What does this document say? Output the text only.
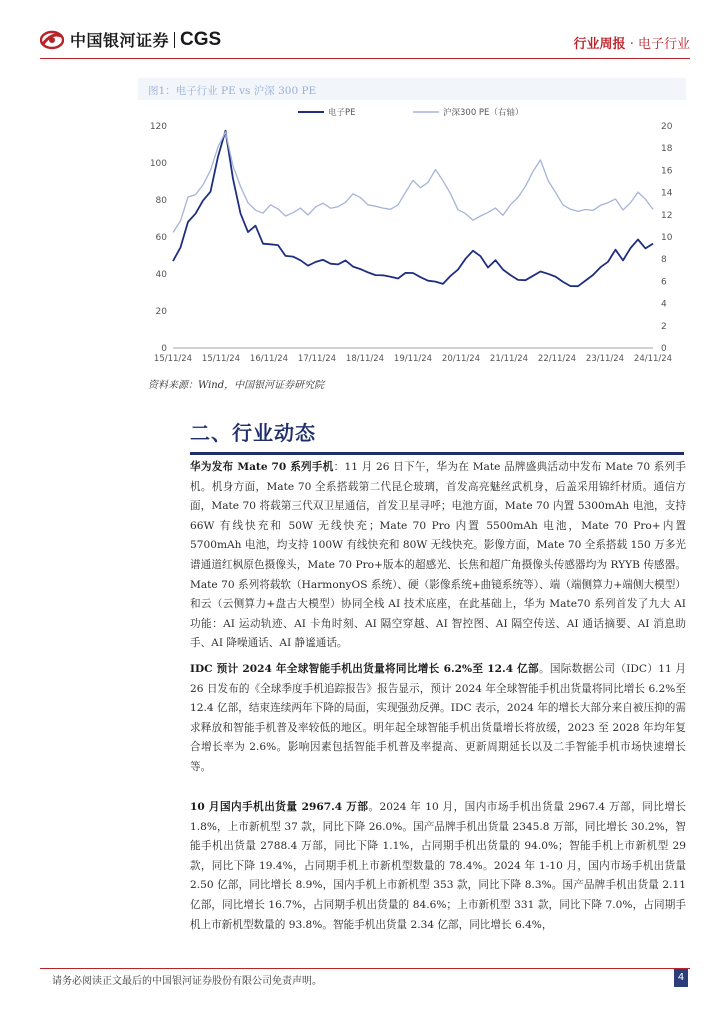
中国银河证券 CGS	行业周报 · 电子行业
图1：电子行业 PE vs 沪深 300 PE
0
20
40
60
80
100
120
0
2
4
6
8
10
12
14
16
18
20
15/11/24 15/11/24 16/11/24 17/11/24 18/11/24 19/11/24 20/11/24 21/11/24 22/11/24 23/11/24 24/11/24
电子PE	沪深300 PE（右轴）
资料来源：Wind，中国银河证券研究院
二、行业动态
华为发布 Mate 70 系列手机：11 月 26 日下午，华为在 Mate 品牌盛典活动中发布 Mate 70 系列手机。机身方面，Mate 70 全系搭载第二代昆仑玻璃，首发高亮魅丝武机身，后盖采用锦纤材质。通信方面，Mate 70 将载第三代双卫星通信，首发卫星寻呼；电池方面，Mate 70 内置 5300mAh 电池，支持 66W 有线快充和 50W 无线快充；Mate 70 Pro 内置 5500mAh 电池，Mate 70 Pro+内置 5700mAh 电池，均支持 100W 有线快充和 80W 无线快充。影像方面，Mate 70 全系搭载 150 万多光谱通道红枫原色摄像头，Mate 70 Pro+版本的超感光、长焦和超广角摄像头传感器均为 RYYB 传感器。Mate 70 系列将载软（HarmonyOS 系统）、硬（影像系统+曲镜系统等）、端（端侧算力+端侧大模型）和云（云侧算力+盘古大模型）协同全栈 AI 技术底座，在此基础上，华为 Mate70 系列首发了九大 AI 功能：AI 运动轨迹、AI 卡角时刻、AI 隔空穿越、AI 智控图、AI 隔空传送、AI 通话摘要、AI 消息助手、AI 降噪通话、AI 静谧通话。
IDC 预计 2024 年全球智能手机出货量将同比增长 6.2%至 12.4 亿部。国际数据公司（IDC）11 月 26 日发布的《全球季度手机追踪报告》报告显示，预计 2024 年全球智能手机出货量将同比增长 6.2%至 12.4 亿部，结束连续两年下降的局面，实现强劲反弹。IDC 表示，2024 年的增长大部分来自被压抑的需求释放和智能手机普及率较低的地区。明年起全球智能手机出货量增长将放缓，2023 至 2028 年均年复合增长率为 2.6%。影响因素包括智能手机普及率提高、更新周期延长以及二手智能手机市场快速增长等。
10 月国内手机出货量 2967.4 万部。2024 年 10 月，国内市场手机出货量 2967.4 万部，同比增长 1.8%，上市新机型 37 款，同比下降 26.0%。国产品牌手机出货量 2345.8 万部，同比增长 30.2%，智能手机出货量 2788.4 万部，同比下降 1.1%，占同期手机出货量的 94.0%；智能手机上市新机型 29 款，同比下降 19.4%，占同期手机上市新机型数量的 78.4%。2024 年 1-10 月，国内市场手机出货量 2.50 亿部，同比增长 8.9%，国内手机上市新机型 353 款，同比下降 8.3%。国产品牌手机出货量 2.11 亿部，同比增长 16.7%，占同期手机出货量的 84.6%；上市新机型 331 款，同比下降 7.0%，占同期手机上市新机型数量的 93.8%。智能手机出货量 2.34 亿部，同比增长 6.4%，
请务必阅读正文最后的中国银河证券股份有限公司免责声明。	4
